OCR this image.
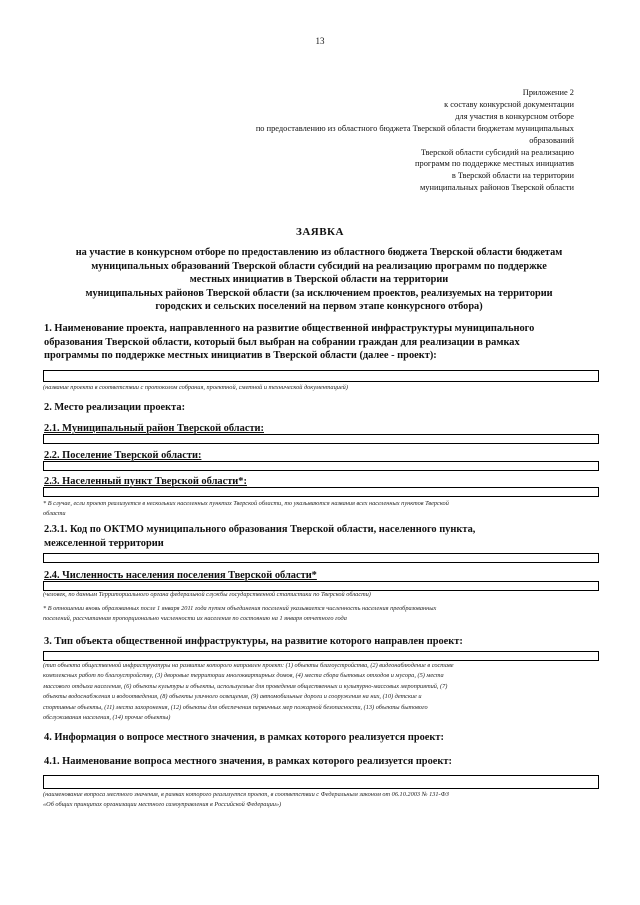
13
Приложение 2
к составу конкурсной документации
для участия в конкурсном отборе
по предоставлению из областного бюджета Тверской области бюджетам муниципальных
образований
Тверской области субсидий на реализацию
программ по поддержке местных инициатив
в Тверской области на территории
муниципальных районов Тверской области
ЗАЯВКА
на участие в конкурсном отборе по предоставлению из областного бюджета Тверской области бюджетам
муниципальных образований Тверской области субсидий на реализацию программ по поддержке
местных инициатив в Тверской области на территории
муниципальных районов Тверской области (за исключением проектов, реализуемых на территории
городских и сельских поселений на первом этапе конкурсного отбора)
1. Наименование проекта, направленного на развитие общественной инфраструктуры муниципального
образования Тверской области, который был выбран на собрании граждан для реализации в рамках
программы по поддержке местных инициатив в Тверской области (далее - проект):
(название проекта в соответствии с протоколом собрания, проектной, сметной и технической документацией)
2. Место реализации проекта:
2.1. Муниципальный район Тверской области:
2.2. Поселение Тверской области:
2.3. Населенный пункт Тверской области*:
* В случае, если проект реализуется в нескольких населенных пунктах Тверской области, то указываются названия всех населенных пунктов Тверской
области
2.3.1. Код по ОКТМО муниципального образования Тверской области, населенного пункта,
межселенной территории
2.4. Численность населения поселения Тверской области*
(человек, по данным Территориального органа федеральной службы государственной статистики по Тверской области)
* В отношении вновь образованных после 1 января 2011 года путем объединения поселений указывается численность населения преобразованных
поселений, рассчитанная пропорционально численности их населения по состоянию на 1 января отчетного года
3. Тип объекта общественной инфраструктуры, на развитие которого направлен проект:
(тип объекта общественной инфраструктуры на развитие которого направлен проект: (1) объекты благоустройства, (2) видеонаблюдение в составе
комплексных работ по благоустройству, (3) дворовые территории многоквартирных домов, (4) места сбора бытовых отходов и мусора, (5) места
массового отдыха населения, (6) объекты культуры и объекты, используемые для проведения общественных и культурно-массовых мероприятий, (7)
объекты водоснабжения и водоотведения, (8) объекты уличного освещения, (9) автомобильные дороги и сооружения на них, (10) детские и
спортивные объекты, (11) места захоронения, (12) объекты для обеспечения первичных мер пожарной безопасности, (13) объекты бытового
обслуживания населения, (14) прочие объекты)
4. Информация о вопросе местного значения, в рамках которого реализуется проект:
4.1. Наименование вопроса местного значения, в рамках которого реализуется проект:
(наименование вопроса местного значения, в рамках которого реализуется проект, в соответствии с Федеральным законом от 06.10.2003 № 131-ФЗ
«Об общих принципах организации местного самоуправления в Российской Федерации»)
